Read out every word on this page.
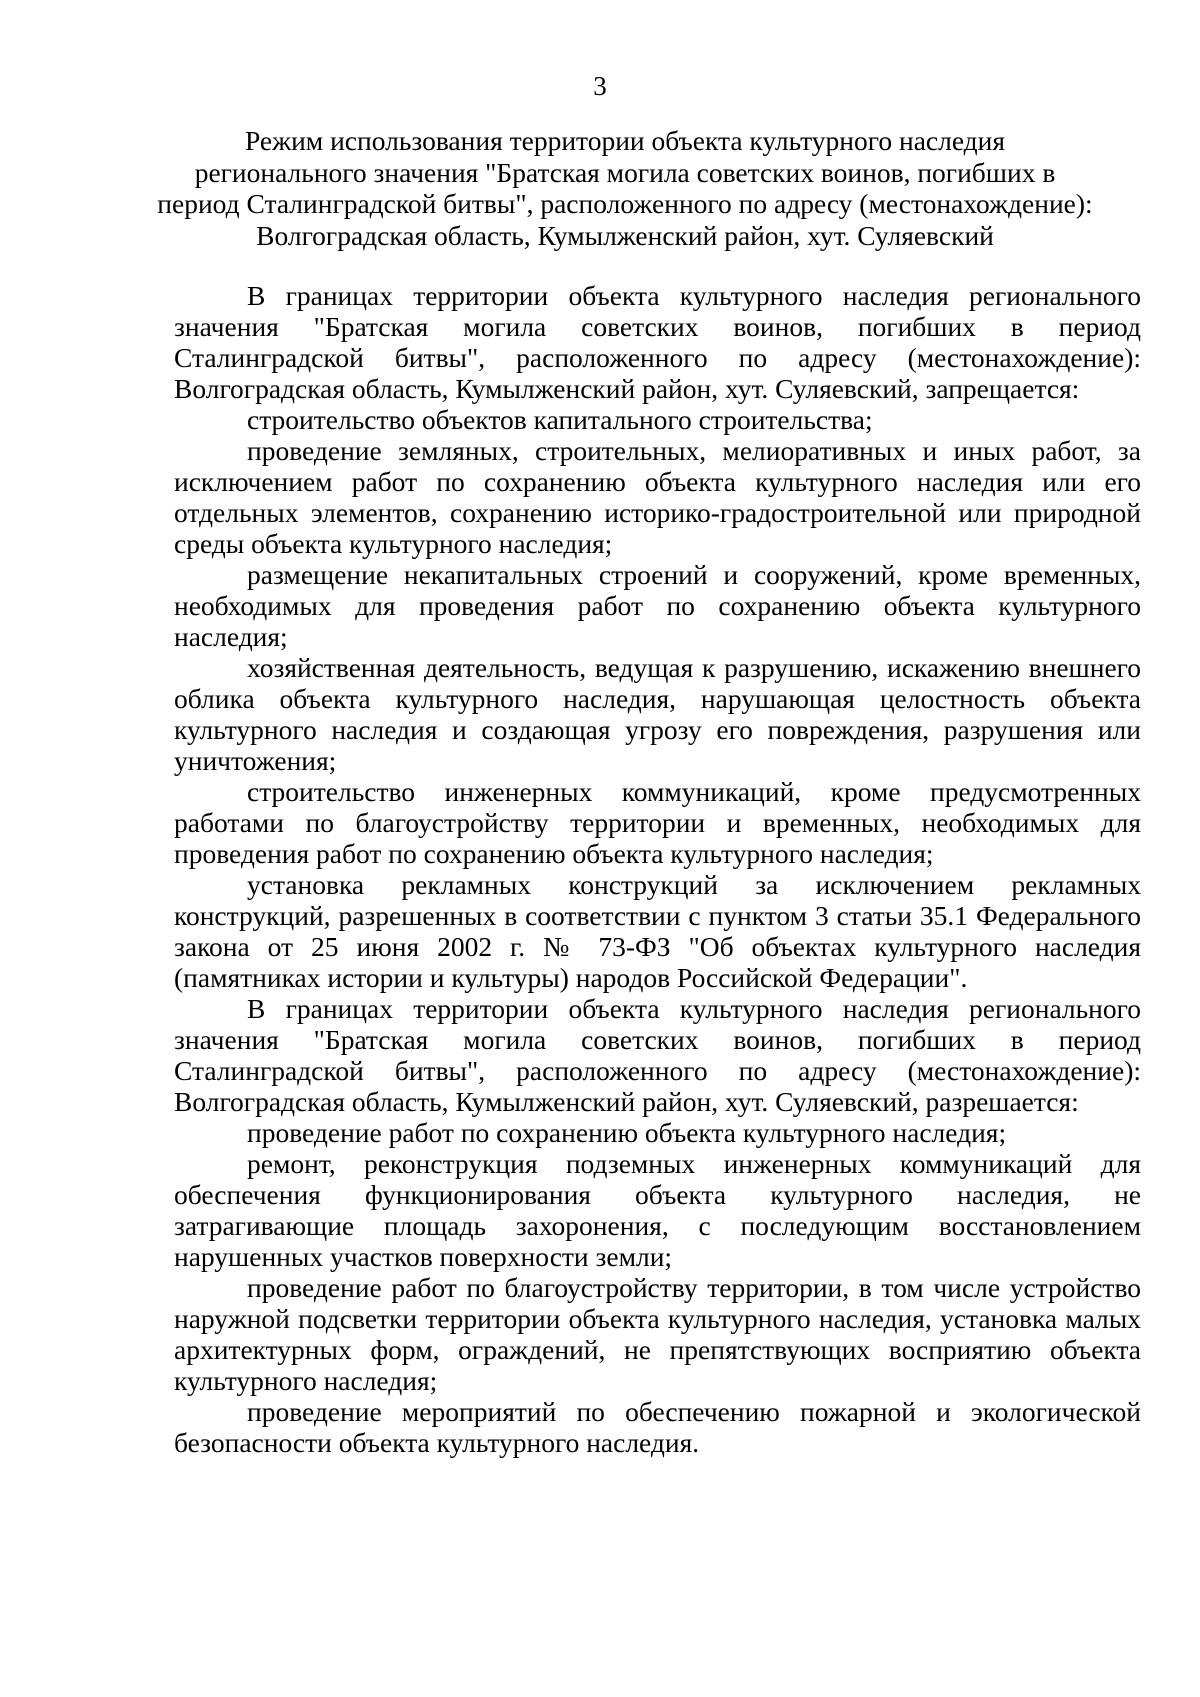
3
Режим использования территории объекта культурного наследия
регионального значения "Братская могила советских воинов, погибших в
период Сталинградской битвы", расположенного по адресу (местонахождение):
Волгоградская область, Кумылженский район, хут. Суляевский

В границах территории объекта культурного наследия регионального значения "Братская могила советских воинов, погибших в период Сталинградской битвы", расположенного по адресу (местонахождение): Волгоградская область, Кумылженский район, хут. Суляевский, запрещается:

строительство объектов капитального строительства;

проведение земляных, строительных, мелиоративных и иных работ, за исключением работ по сохранению объекта культурного наследия или его отдельных элементов, сохранению историко-градостроительной или природной среды объекта культурного наследия;

размещение некапитальных строений и сооружений, кроме временных, необходимых для проведения работ по сохранению объекта культурного наследия;

хозяйственная деятельность, ведущая к разрушению, искажению внешнего облика объекта культурного наследия, нарушающая целостность объекта культурного наследия и создающая угрозу его повреждения, разрушения или уничтожения;

строительство инженерных коммуникаций, кроме предусмотренных работами по благоустройству территории и временных, необходимых для проведения работ по сохранению объекта культурного наследия;

установка рекламных конструкций за исключением рекламных конструкций, разрешенных в соответствии с пунктом 3 статьи 35.1 Федерального закона от 25 июня 2002 г. № 73-ФЗ "Об объектах культурного наследия (памятниках истории и культуры) народов Российской Федерации".

В границах территории объекта культурного наследия регионального значения "Братская могила советских воинов, погибших в период Сталинградской битвы", расположенного по адресу (местонахождение): Волгоградская область, Кумылженский район, хут. Суляевский, разрешается:

проведение работ по сохранению объекта культурного наследия;

ремонт, реконструкция подземных инженерных коммуникаций для обеспечения функционирования объекта культурного наследия, не затрагивающие площадь захоронения, с последующим восстановлением нарушенных участков поверхности земли;

проведение работ по благоустройству территории, в том числе устройство наружной подсветки территории объекта культурного наследия, установка малых архитектурных форм, ограждений, не препятствующих восприятию объекта культурного наследия;

проведение мероприятий по обеспечению пожарной и экологической безопасности объекта культурного наследия.
